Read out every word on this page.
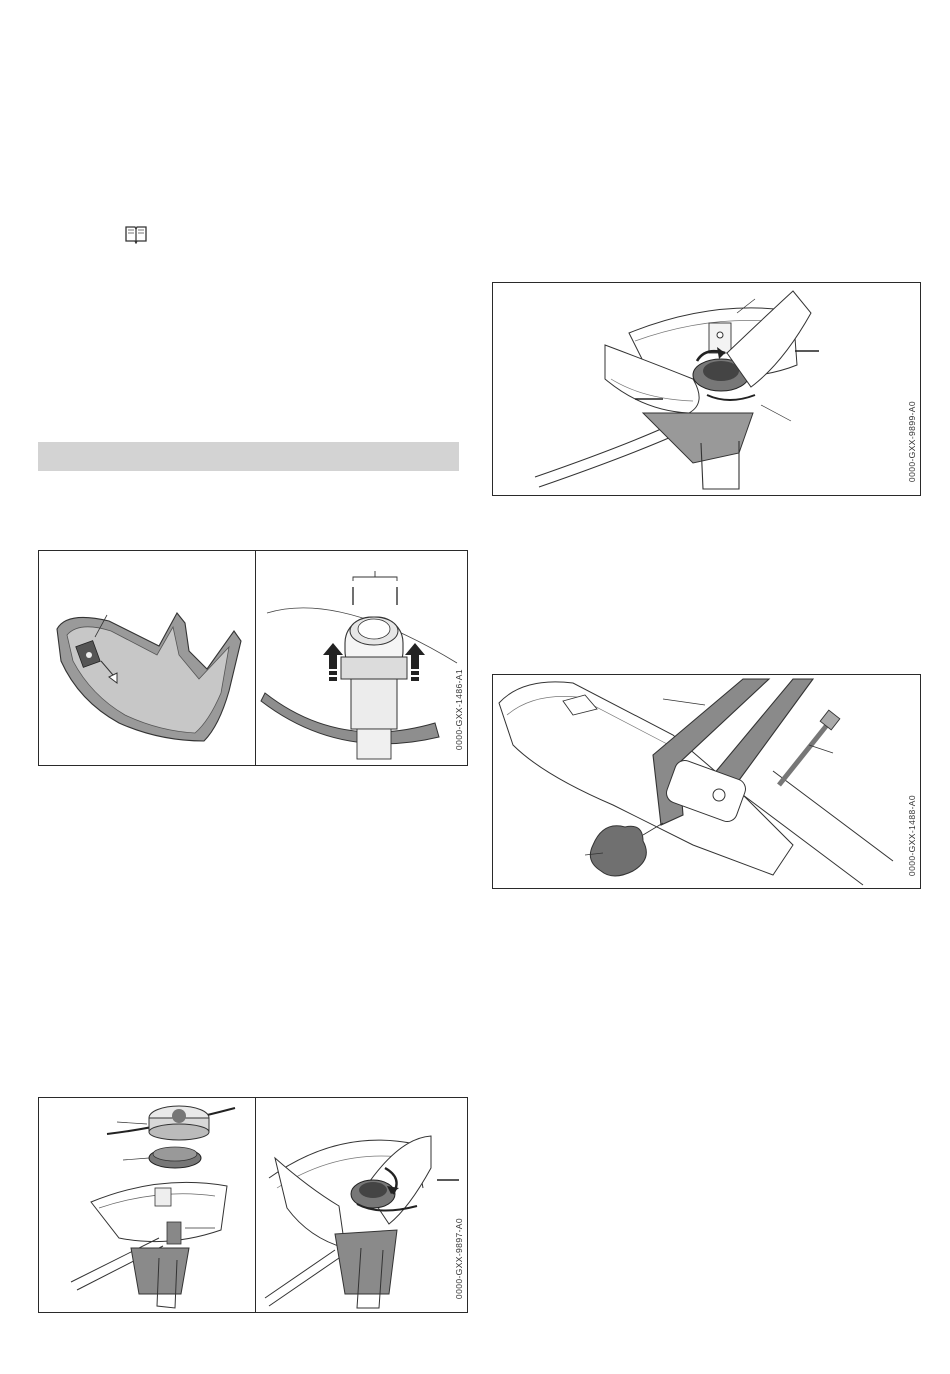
0000-GXX-1486-A1
0000-GXX-9897-A0
0000-GXX-9899-A0
0000-GXX-1488-A0
